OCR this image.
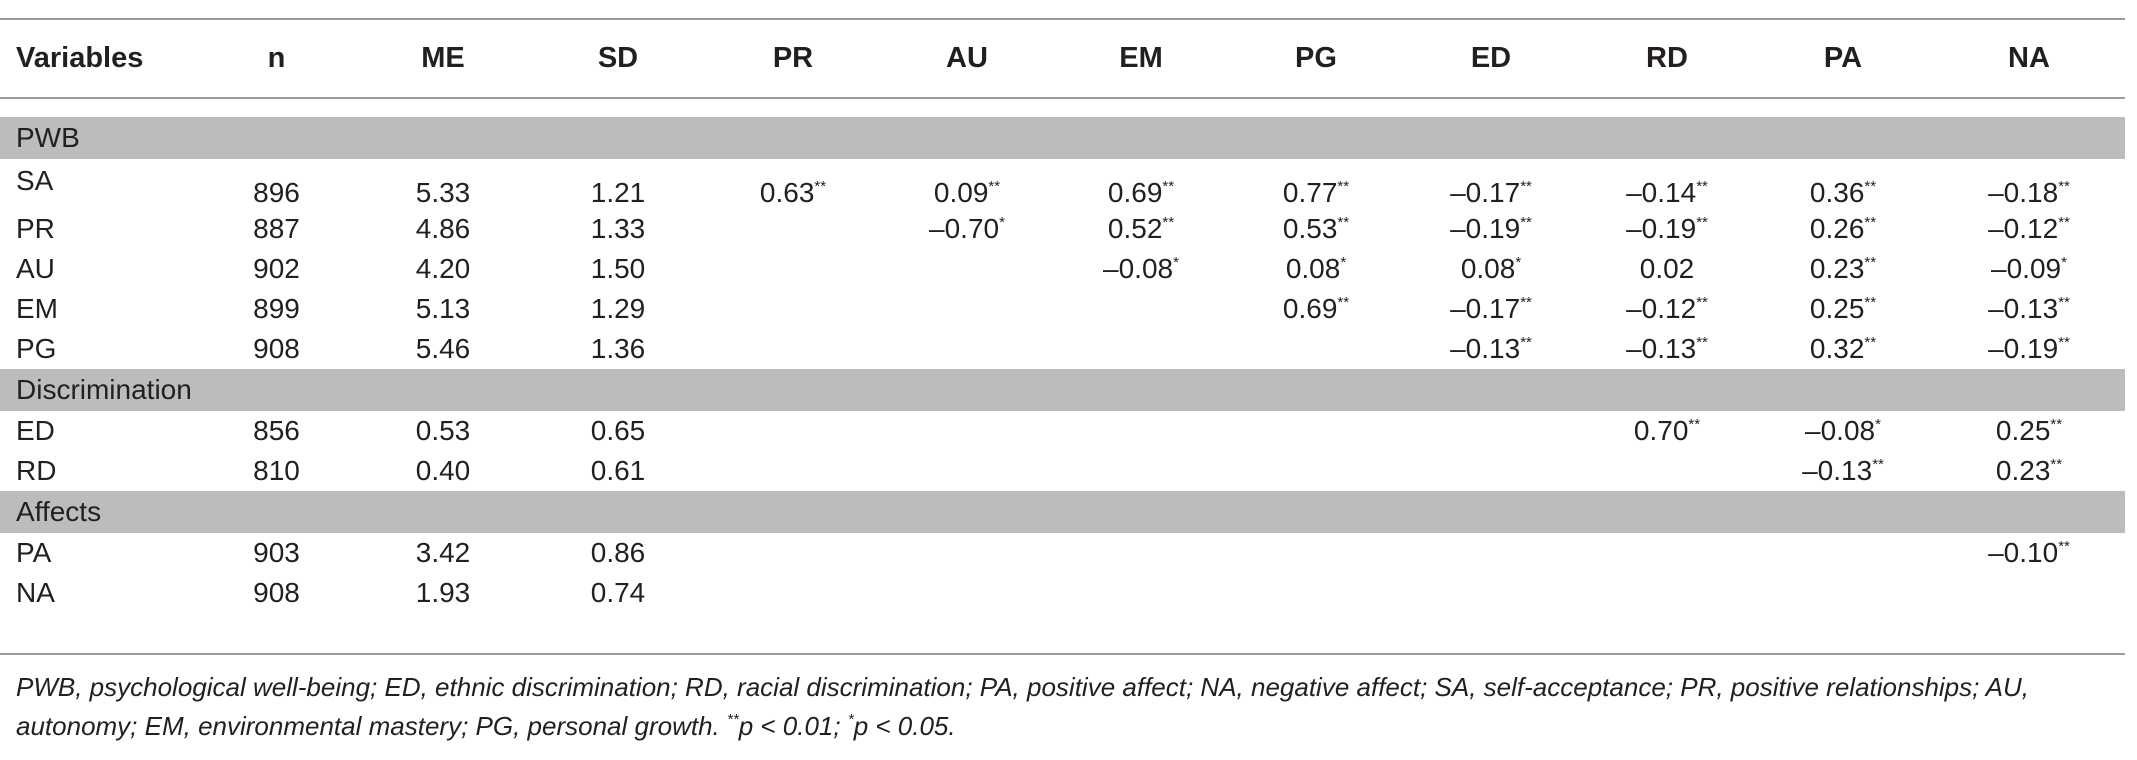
Variables	n	ME	SD	PR	AU	EM	PG	ED	RD	PA	NA

PWB											
SA	896	5.33	1.21	0.63**	0.09**	0.69**	0.77**	–0.17**	–0.14**	0.36**	–0.18**
PR	887	4.86	1.33		–0.70*	0.52**	0.53**	–0.19**	–0.19**	0.26**	–0.12**
AU	902	4.20	1.50			–0.08*	0.08*	0.08*	0.02	0.23**	–0.09*
EM	899	5.13	1.29				0.69**	–0.17**	–0.12**	0.25**	–0.13**
PG	908	5.46	1.36					–0.13**	–0.13**	0.32**	–0.19**
Discrimination											
ED	856	0.53	0.65						0.70**	–0.08*	0.25**
RD	810	0.40	0.61							–0.13**	0.23**
Affects											
PA	903	3.42	0.86								–0.10**
NA	908	1.93	0.74								

PWB, psychological well-being; ED, ethnic discrimination; RD, racial discrimination; PA, positive affect; NA, negative affect; SA, self-acceptance; PR, positive relationships; AU, autonomy; EM, environmental mastery; PG, personal growth. **p < 0.01; *p < 0.05.
